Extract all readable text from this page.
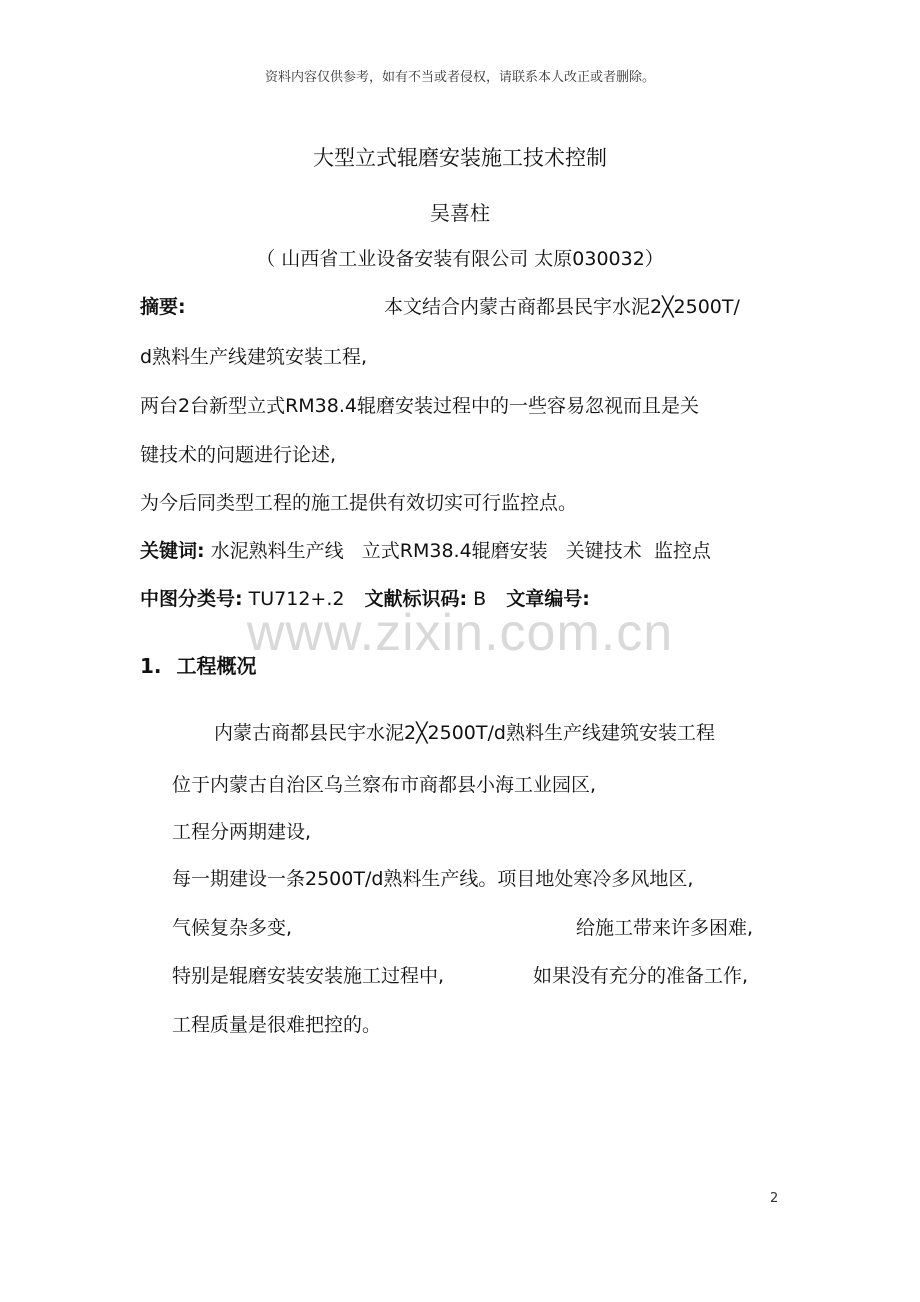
资料内容仅供参考，如有不当或者侵权，请联系本人改正或者删除。
大型立式辊磨安装施工技术控制
吴喜柱
（ 山西省工业设备安装有限公司 太原030032）
摘要:	本文结合内蒙古商都县民宇水泥2╳2500T/
d熟料生产线建筑安装工程,
两台2台新型立式RM38.4辊磨安装过程中的一些容易忽视而且是关
键技术的问题进行论述,
为今后同类型工程的施工提供有效切实可行监控点。
关键词: 水泥熟料生产线   立式RM38.4辊磨安装   关键技术  监控点
中图分类号: TU712+.2 文献标识码: B 文章编号:
www.zixin.com.cn
1. 工程概况
内蒙古商都县民宇水泥2╳2500T/d熟料生产线建筑安装工程
位于内蒙古自治区乌兰察布市商都县小海工业园区,
工程分两期建设,
每一期建设一条2500T/d熟料生产线。项目地处寒冷多风地区,
气候复杂多变,	给施工带来许多困难,
特别是辊磨安装安装施工过程中,	如果没有充分的准备工作,
工程质量是很难把控的。
2
